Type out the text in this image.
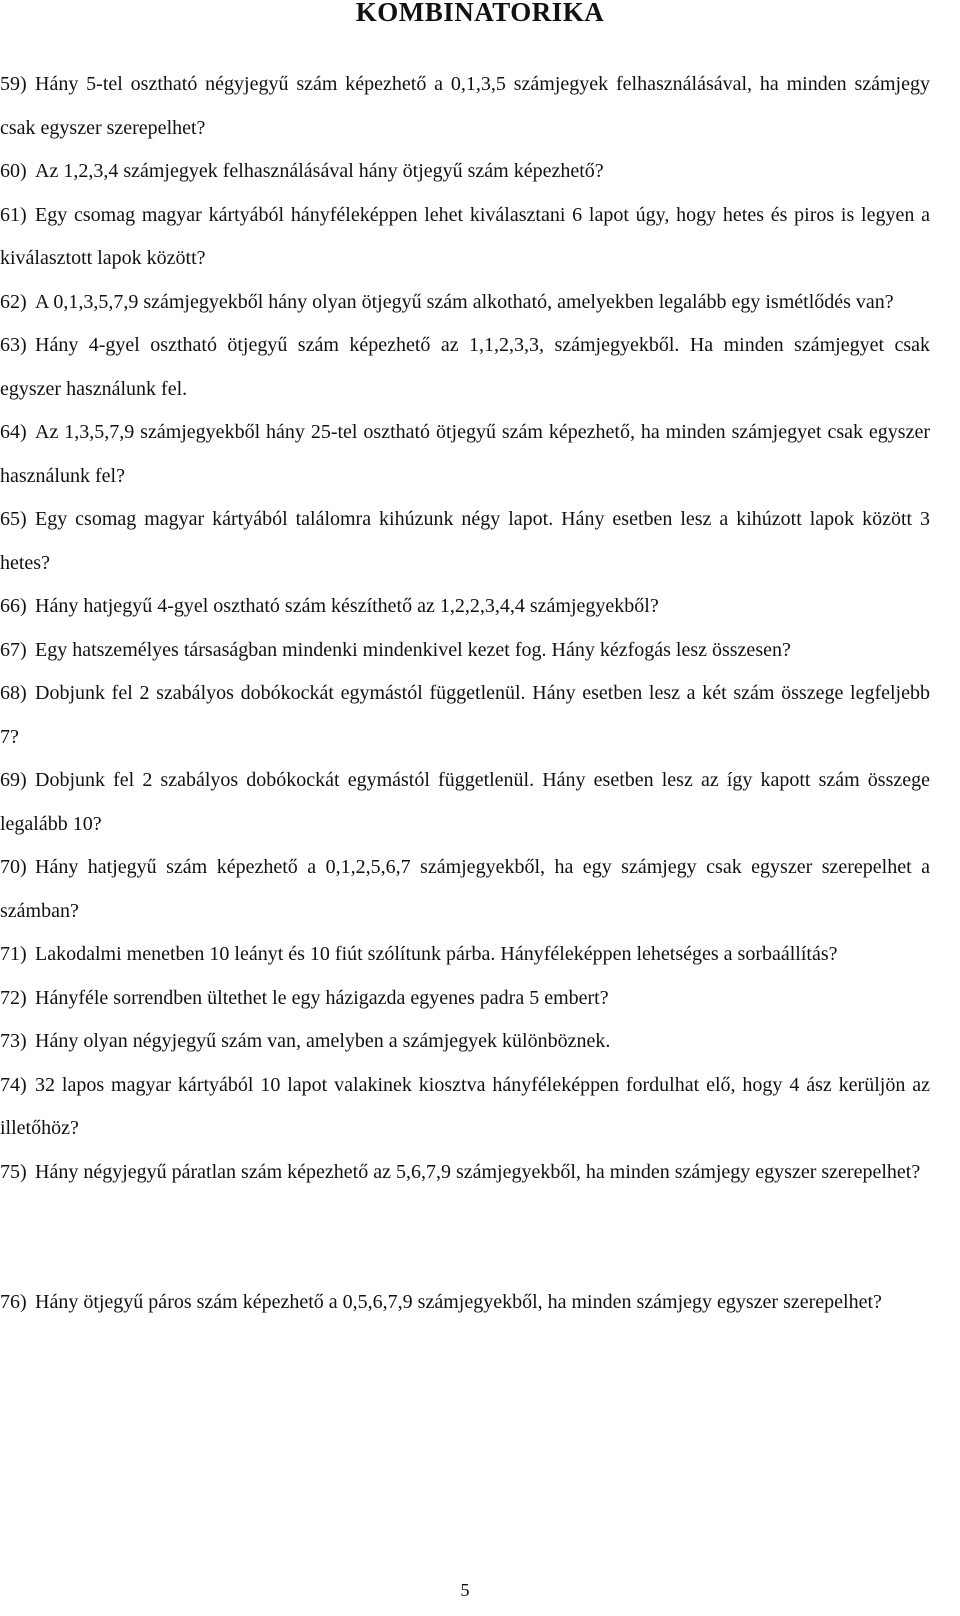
KOMBINATORIKA

59) Hány 5-tel osztható négyjegyű szám képezhető a 0,1,3,5 számjegyek felhasználásával, ha minden számjegy csak egyszer szerepelhet?

60) Az 1,2,3,4 számjegyek felhasználásával hány ötjegyű szám képezhető?

61) Egy csomag magyar kártyából hányféleképpen lehet kiválasztani 6 lapot úgy, hogy hetes és piros is legyen a kiválasztott lapok között?

62) A 0,1,3,5,7,9 számjegyekből hány olyan ötjegyű szám alkotható, amelyekben legalább egy ismétlődés van?

63) Hány 4-gyel osztható ötjegyű szám képezhető az 1,1,2,3,3, számjegyekből. Ha minden számjegyet csak egyszer használunk fel.

64) Az 1,3,5,7,9 számjegyekből hány 25-tel osztható ötjegyű szám képezhető, ha minden számjegyet csak egyszer használunk fel?

65) Egy csomag magyar kártyából találomra kihúzunk négy lapot. Hány esetben lesz a kihúzott lapok között 3 hetes?

66) Hány hatjegyű 4-gyel osztható szám készíthető az 1,2,2,3,4,4 számjegyekből?

67) Egy hatszemélyes társaságban mindenki mindenkivel kezet fog. Hány kézfogás lesz összesen?

68) Dobjunk fel 2 szabályos dobókockát egymástól függetlenül. Hány esetben lesz a két szám összege legfeljebb 7?

69) Dobjunk fel 2 szabályos dobókockát egymástól függetlenül. Hány esetben lesz az így kapott szám összege legalább 10?

70) Hány hatjegyű szám képezhető a 0,1,2,5,6,7 számjegyekből, ha egy számjegy csak egyszer szerepelhet a számban?

71) Lakodalmi menetben 10 leányt és 10 fiút szólítunk párba. Hányféleképpen lehetséges a sorbaállítás?

72) Hányféle sorrendben ültethet le egy házigazda egyenes padra 5 embert?

73) Hány olyan négyjegyű szám van, amelyben a számjegyek különböznek.

74) 32 lapos magyar kártyából 10 lapot valakinek kiosztva hányféleképpen fordulhat elő, hogy 4 ász kerüljön az illetőhöz?

75) Hány négyjegyű páratlan szám képezhető az 5,6,7,9 számjegyekből, ha minden számjegy egyszer szerepelhet?

76) Hány ötjegyű páros szám képezhető a 0,5,6,7,9 számjegyekből, ha minden számjegy egyszer szerepelhet?

5
